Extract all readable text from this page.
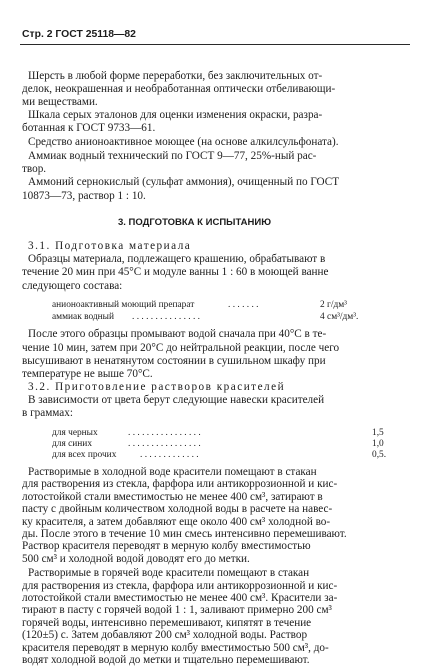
Стр. 2 ГОСТ 25118—82
Шерсть в любой форме переработки, без заключительных от-
делок, неокрашенная и необработанная оптически отбеливающи-
ми веществами.
Шкала серых эталонов для оценки изменения окраски, разра-
ботанная к ГОСТ 9733—61.
Средство анионоактивное моющее (на основе алкилсульфоната).
Аммиак водный технический по ГОСТ 9—77, 25%-ный рас-
твор.
Аммоний сернокислый (сульфат аммония), очищенный по ГОСТ
10873—73, раствор 1 : 10.
3. ПОДГОТОВКА К ИСПЫТАНИЮ
3.1. Подготовка материала
Образцы материала, подлежащего крашению, обрабатывают в
течение 20 мин при 45°С и модуле ванны 1 : 60 в моющей ванне
следующего состава:
анионоактивный моющий препарат	. . . . . . .	2 г/дм³
аммиак водный . . . . . . . . . . . . . . .	4 см³/дм³.
После этого образцы промывают водой сначала при 40°С в те-
чение 10 мин, затем при 20°С до нейтральной реакции, после чего
высушивают в ненатянутом состоянии в сушильном шкафу при
температуре не выше 70°С.
3.2. Приготовление растворов красителей
В зависимости от цвета берут следующие навески красителей
в граммах:
для черных	. . . . . . . . . . . . . . . .	1,5
для синих	. . . . . . . . . . . . . . . .	1,0
для всех прочих	. . . . . . . . . . . . .	0,5.
Растворимые в холодной воде красители помещают в стакан
для растворения из стекла, фарфора или антикоррозионной и кис-
лотостойкой стали вместимостью не менее 400 см³, затирают в
пасту с двойным количеством холодной воды в расчете на навес-
ку красителя, а затем добавляют еще около 400 см³ холодной во-
ды. После этого в течение 10 мин смесь интенсивно перемешивают.
Раствор красителя переводят в мерную колбу вместимостью
500 см³ и холодной водой доводят его до метки.
Растворимые в горячей воде красители помещают в стакан
для растворения из стекла, фарфора или антикоррозионной и кис-
лотостойкой стали вместимостью не менее 400 см³. Красители за-
тирают в пасту с горячей водой 1 : 1, заливают примерно 200 см³
горячей воды, интенсивно перемешивают, кипятят в течение
(120±5) с. Затем добавляют 200 см³ холодной воды. Раствор
красителя переводят в мерную колбу вместимостью 500 см³, до-
водят холодной водой до метки и тщательно перемешивают.
